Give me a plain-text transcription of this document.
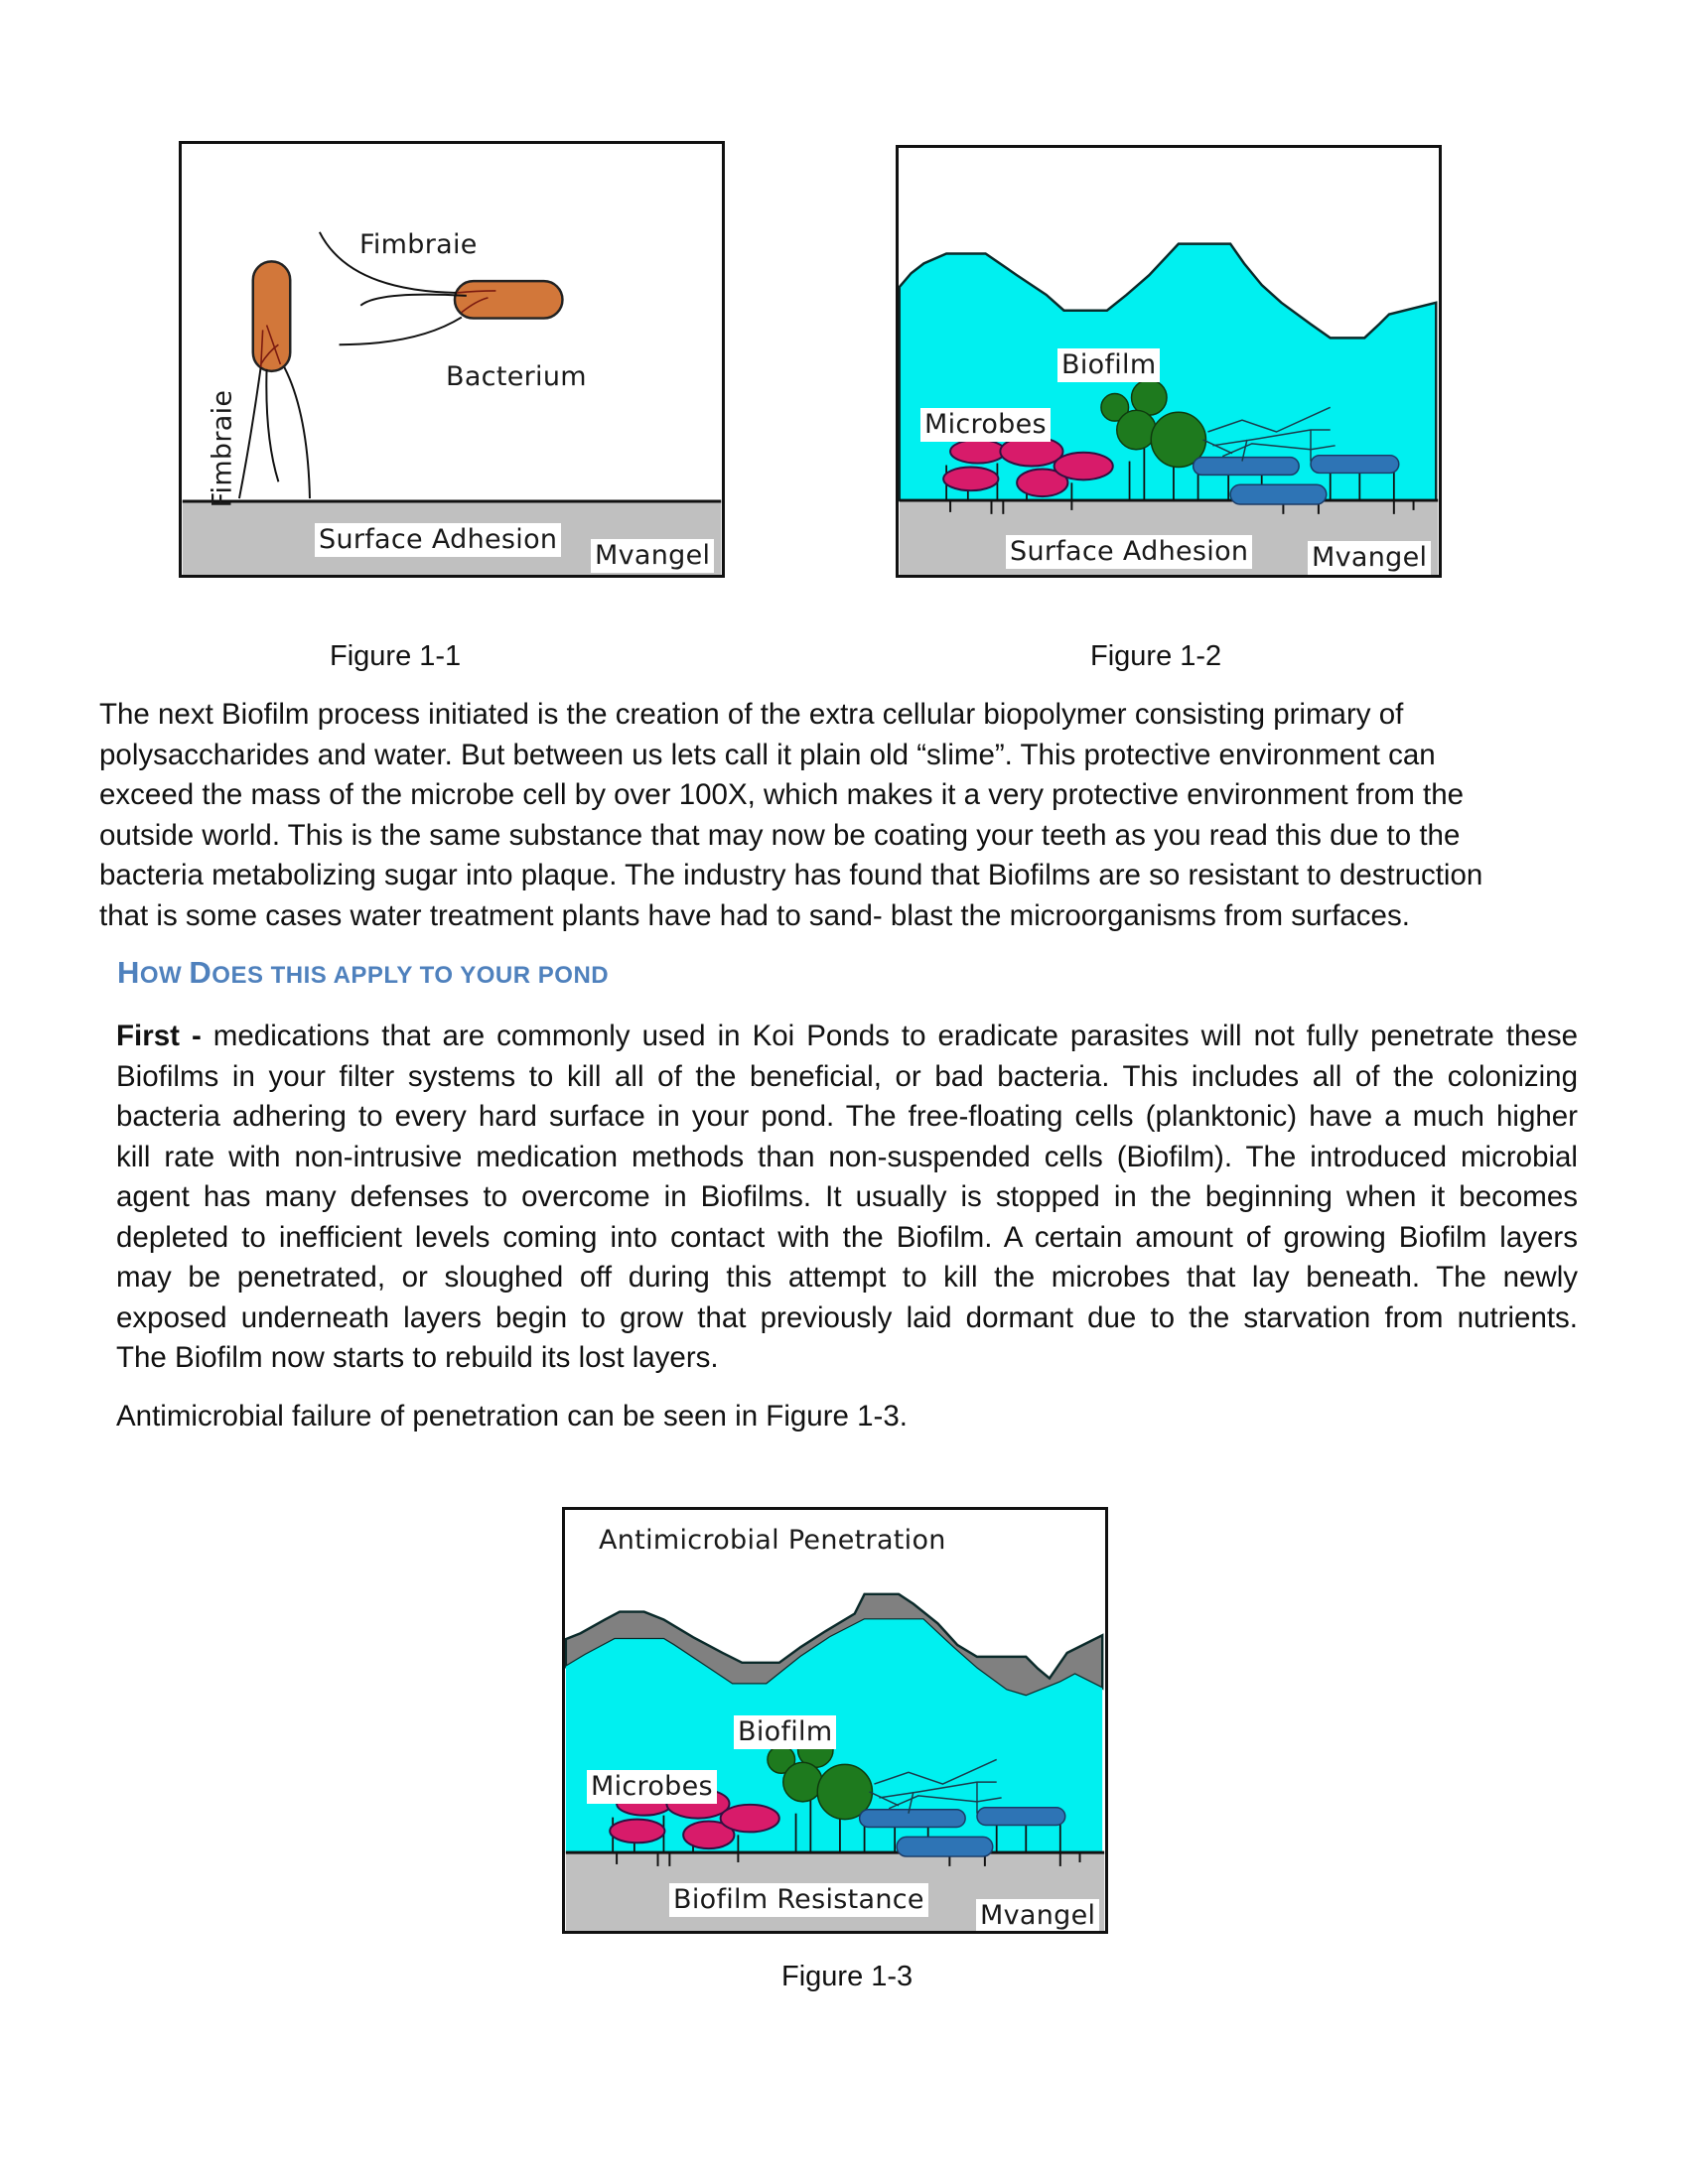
Fimbraie
Bacterium
Fimbraie
Surface Adhesion
Mvangel
Biofilm
Microbes
Surface Adhesion Mvangel
Figure 1-1	Figure 1-2
The next Biofilm process initiated is the creation of the extra cellular biopolymer consisting primary of
polysaccharides and water. But between us lets call it plain old “slime”. This protective environment can
exceed the mass of the microbe cell by over 100X, which makes it a very protective environment from the
outside world. This is the same substance that may now be coating your teeth as you read this due to the
bacteria metabolizing sugar into plaque. The industry has found that Biofilms are so resistant to destruction
that is some cases water treatment plants have had to sand- blast the microorganisms from surfaces.
HOW DOES THIS APPLY TO YOUR POND
First - medications that are commonly used in Koi Ponds to eradicate parasites will not fully penetrate these
Biofilms in your filter systems to kill all of the beneficial, or bad bacteria. This includes all of the colonizing
bacteria adhering to every hard surface in your pond. The free-floating cells (planktonic) have a much higher
kill rate with non-intrusive medication methods than non-suspended cells (Biofilm). The introduced microbial
agent has many defenses to overcome in Biofilms. It usually is stopped in the beginning when it becomes
depleted to inefficient levels coming into contact with the Biofilm. A certain amount of growing Biofilm layers
may be penetrated, or sloughed off during this attempt to kill the microbes that lay beneath. The newly
exposed underneath layers begin to grow that previously laid dormant due to the starvation from nutrients.
The Biofilm now starts to rebuild its lost layers.
Antimicrobial failure of penetration can be seen in Figure 1-3.
Antimicrobial Penetration
Biofilm
Microbes
Biofilm Resistance
Mvangel
Figure 1-3
